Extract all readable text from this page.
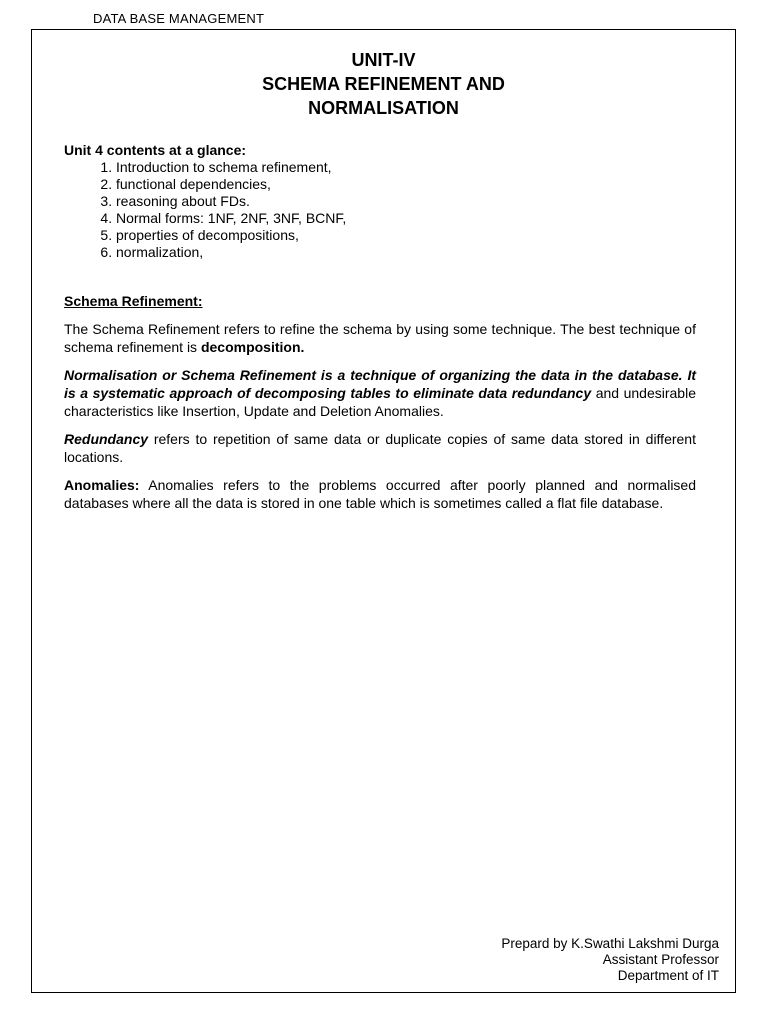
DATA BASE MANAGEMENT
UNIT-IV
SCHEMA REFINEMENT AND
NORMALISATION
Unit 4 contents at a glance:
1. Introduction to schema refinement,
2. functional dependencies,
3. reasoning about FDs.
4. Normal forms: 1NF, 2NF, 3NF, BCNF,
5. properties of decompositions,
6. normalization,
Schema Refinement:

The Schema Refinement refers to refine the schema by using some technique. The best technique of schema refinement is decomposition.

Normalisation or Schema Refinement is a technique of organizing the data in the database. It is a systematic approach of decomposing tables to eliminate data redundancy and undesirable characteristics like Insertion, Update and Deletion Anomalies.

Redundancy refers to repetition of same data or duplicate copies of same data stored in different locations.

Anomalies: Anomalies refers to the problems occurred after poorly planned and normalised databases where all the data is stored in one table which is sometimes called a flat file database.

Prepard by K.Swathi Lakshmi Durga
Assistant Professor
Department of IT
